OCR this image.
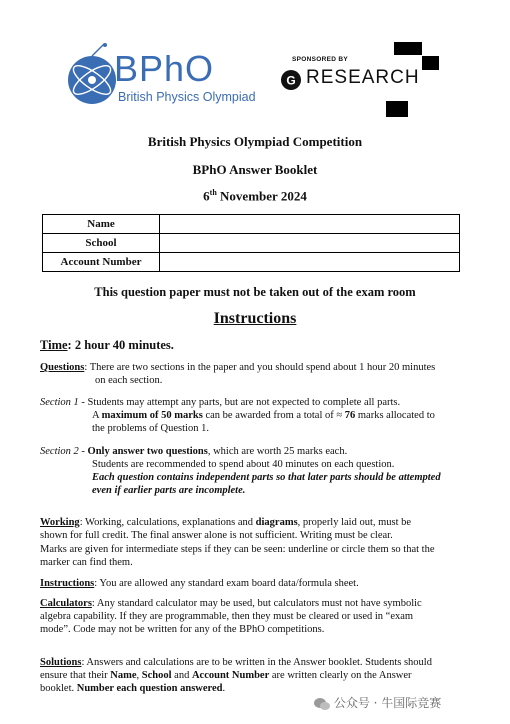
BPhO
British Physics Olympiad
SPONSORED BY
G RESEARCH
British Physics Olympiad Competition
BPhO Answer Booklet
6th November 2024
Name	
School	
Account Number	
This question paper must not be taken out of the exam room
Instructions
Time: 2 hour 40 minutes.
Questions: There are two sections in the paper and you should spend about 1 hour 20 minutes
on each section.
Section 1 - Students may attempt any parts, but are not expected to complete all parts.
A maximum of 50 marks can be awarded from a total of ≈ 76 marks allocated to
the problems of Question 1.
Section 2 - Only answer two questions, which are worth 25 marks each.
Students are recommended to spend about 40 minutes on each question.
Each question contains independent parts so that later parts should be attempted
even if earlier parts are incomplete.
Working: Working, calculations, explanations and diagrams, properly laid out, must be
shown for full credit. The final answer alone is not sufficient. Writing must be clear.
Marks are given for intermediate steps if they can be seen: underline or circle them so that the
marker can find them.
Instructions: You are allowed any standard exam board data/formula sheet.
Calculators: Any standard calculator may be used, but calculators must not have symbolic
algebra capability. If they are programmable, then they must be cleared or used in “exam
mode”. Code may not be written for any of the BPhO competitions.
Solutions: Answers and calculations are to be written in the Answer booklet. Students should
ensure that their Name, School and Account Number are written clearly on the Answer
booklet. Number each question answered.
公众号 · 牛国际竞赛
